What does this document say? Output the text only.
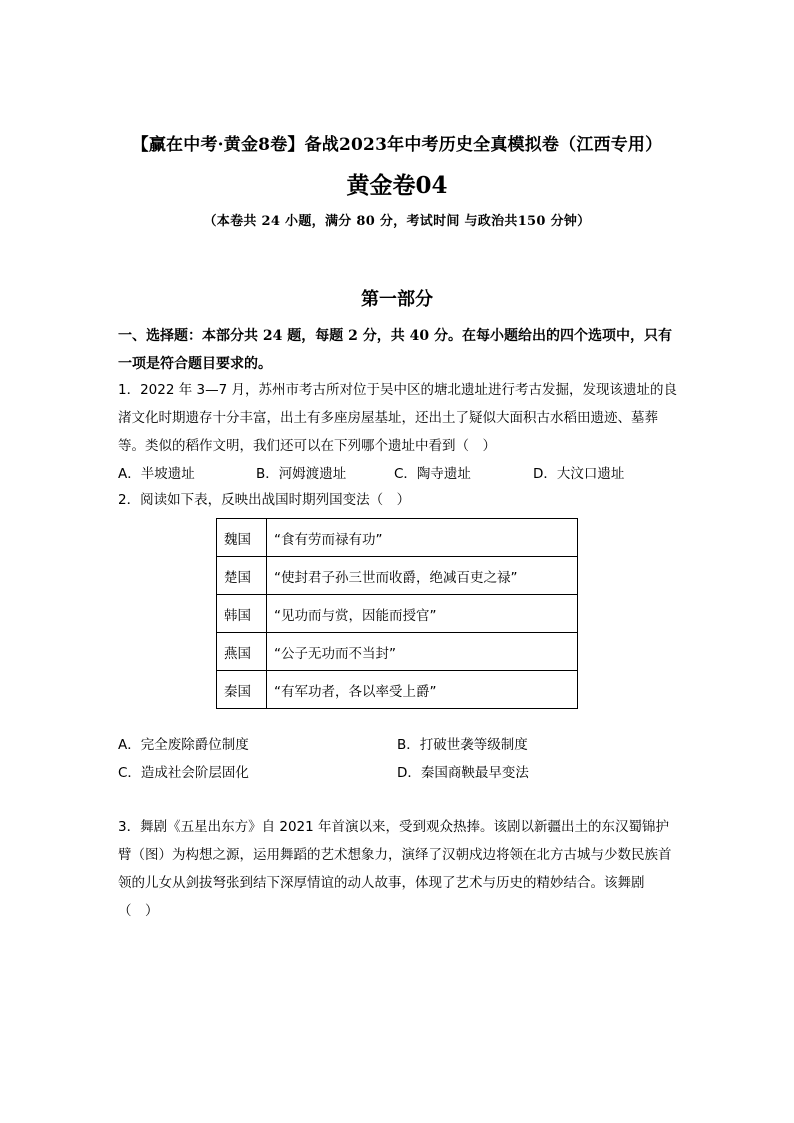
【赢在中考·黄金8卷】备战2023年中考历史全真模拟卷（江西专用）
黄金卷04
（本卷共 24 小题，满分 80 分，考试时间 与政治共150 分钟）
第一部分
一、选择题：本部分共 24 题，每题 2 分，共 40 分。在每小题给出的四个选项中，只有一项是符合题目要求的。
1．2022 年 3—7 月，苏州市考古所对位于吴中区的塘北遗址进行考古发掘，发现该遗址的良渚文化时期遗存十分丰富，出土有多座房屋基址，还出土了疑似大面积古水稻田遗迹、墓葬等。类似的稻作文明，我们还可以在下列哪个遗址中看到（　）
A．半坡遗址	B．河姆渡遗址	C．陶寺遗址	D．大汶口遗址
2．阅读如下表，反映出战国时期列国变法（　）
魏国	“食有劳而禄有功”
楚国	“使封君子孙三世而收爵，绝减百吏之禄”
韩国	“见功而与赏，因能而授官”
燕国	“公子无功而不当封”
秦国	“有军功者，各以率受上爵”
A．完全废除爵位制度	B．打破世袭等级制度
C．造成社会阶层固化	D．秦国商鞅最早变法
3．舞剧《五星出东方》自 2021 年首演以来，受到观众热捧。该剧以新疆出土的东汉蜀锦护臂（图）为构想之源，运用舞蹈的艺术想象力，演绎了汉朝戍边将领在北方古城与少数民族首领的儿女从剑拔弩张到结下深厚情谊的动人故事，体现了艺术与历史的精妙结合。该舞剧（　）
